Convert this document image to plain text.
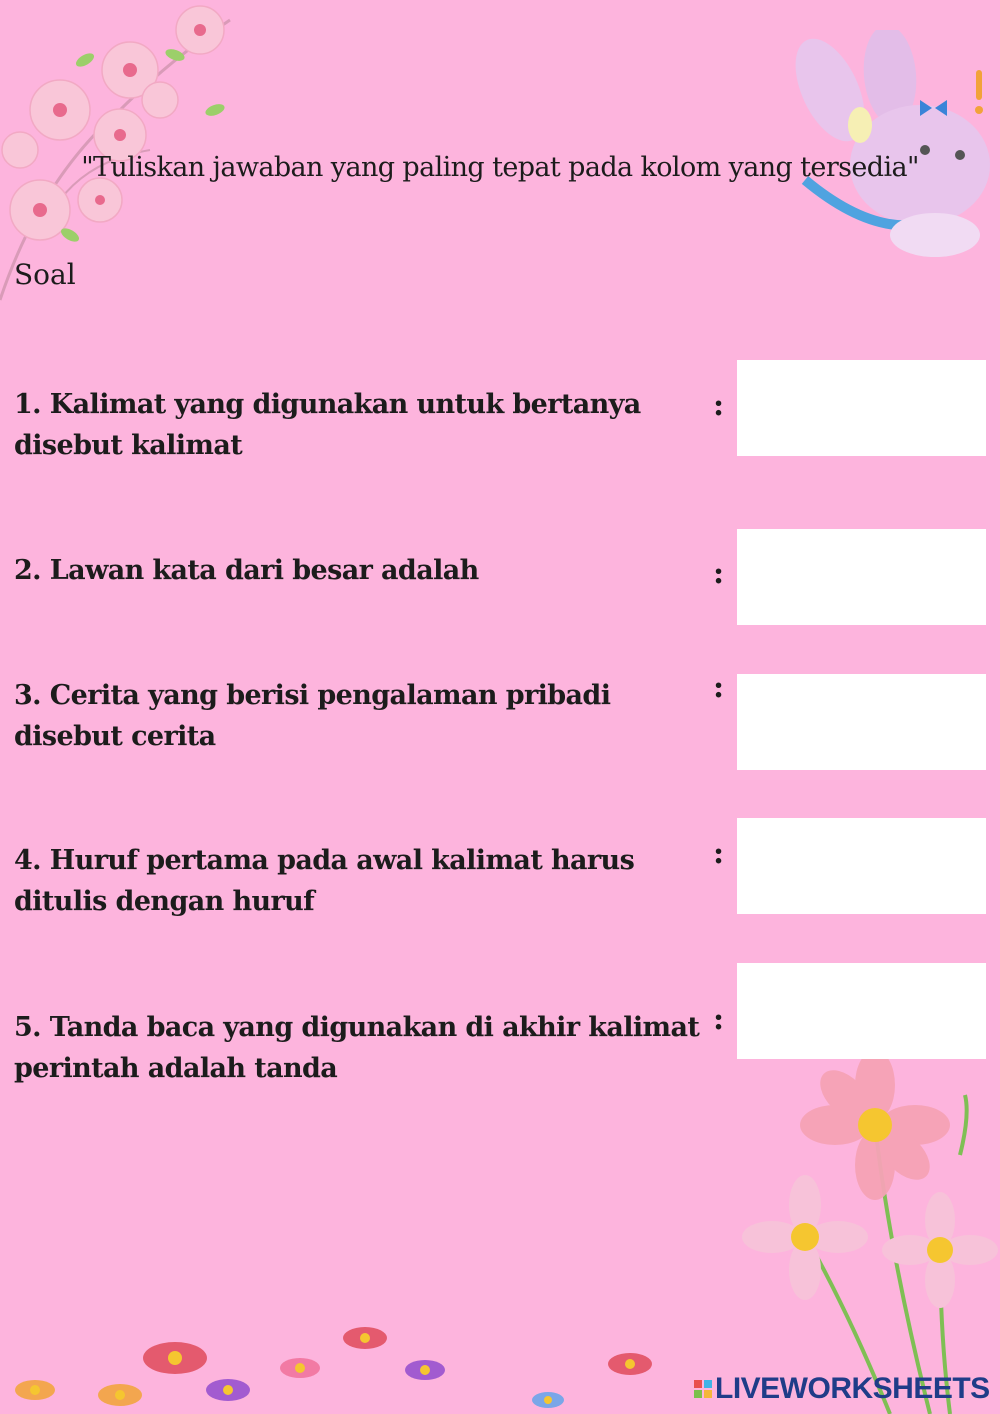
"Tuliskan jawaban yang paling tepat pada kolom yang tersedia"
Soal
1. Kalimat yang digunakan untuk bertanya disebut kalimat
:
2. Lawan kata dari besar adalah	:
3. Cerita yang berisi pengalaman pribadi disebut cerita
:
4. Huruf pertama pada awal kalimat harus ditulis dengan huruf
:
5. Tanda baca yang digunakan di akhir kalimat perintah adalah tanda
:
LIVEWORKSHEETS
